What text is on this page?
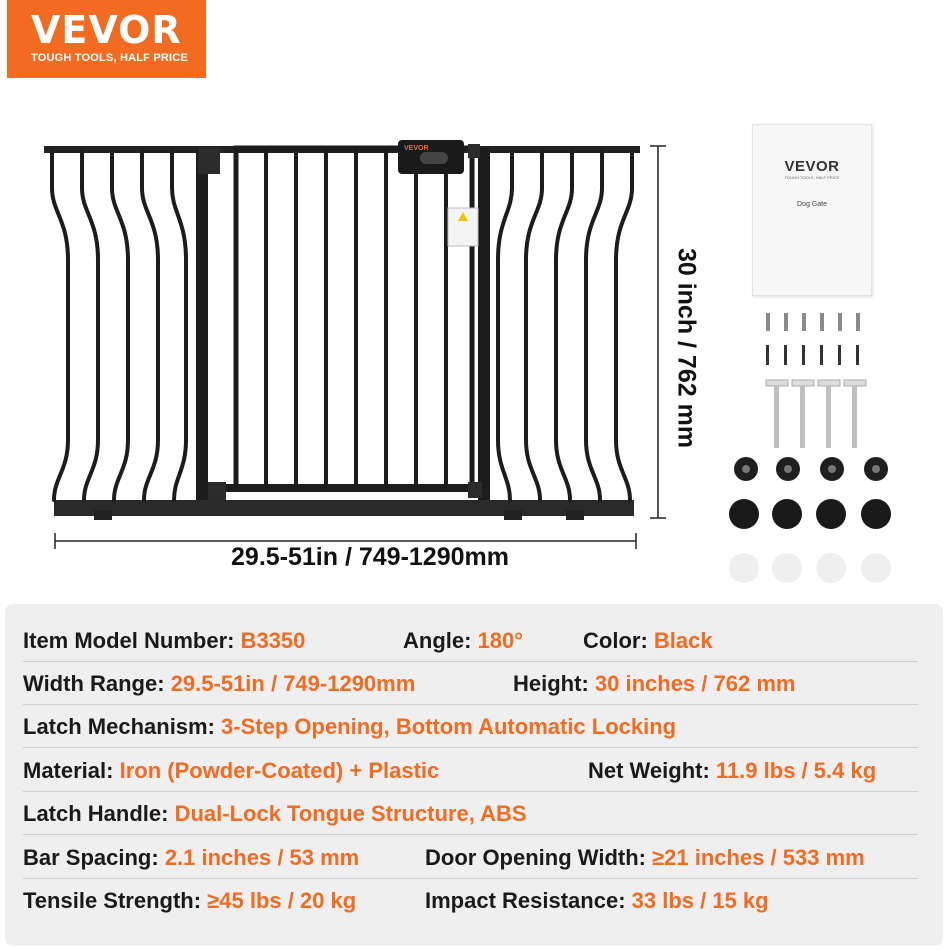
VEVOR
TOUGH TOOLS, HALF PRICE
VEVOR
29.5-51in / 749-1290mm
30 inch / 762 mm
VEVOR
TOUGH TOOLS, HALF PRICE
Dog Gate
Item Model Number: B3350	Angle: 180°	Color: Black
Width Range: 29.5-51in / 749-1290mm	Height: 30 inches / 762 mm
Latch Mechanism: 3-Step Opening, Bottom Automatic Locking
Material: Iron (Powder-Coated) + Plastic	Net Weight: 11.9 lbs / 5.4 kg
Latch Handle: Dual-Lock Tongue Structure, ABS
Bar Spacing: 2.1 inches / 53 mm	Door Opening Width: ≥21 inches / 533 mm
Tensile Strength: ≥45 lbs / 20 kg	Impact Resistance: 33 lbs / 15 kg
